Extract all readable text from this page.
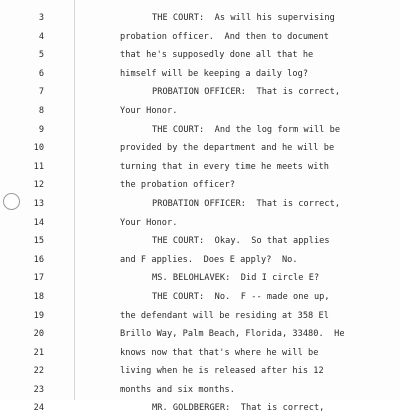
3	THE COURT:  As will his supervising
4	probation officer.  And then to document
5	that he's supposedly done all that he
6	himself will be keeping a daily log?
7	PROBATION OFFICER:  That is correct,
8	Your Honor.
9	THE COURT:  And the log form will be
10	provided by the department and he will be
11	turning that in every time he meets with
12	the probation officer?
13	PROBATION OFFICER:  That is correct,
14	Your Honor.
15	THE COURT:  Okay.  So that applies
16	and F applies.  Does E apply?  No.
17	MS. BELOHLAVEK:  Did I circle E?
18	THE COURT:  No.  F -- made one up,
19	the defendant will be residing at 358 El
20	Brillo Way, Palm Beach, Florida, 33480.  He
21	knows now that that's where he will be
22	living when he is released after his 12
23	months and six months.
24	MR. GOLDBERGER:  That is correct,
